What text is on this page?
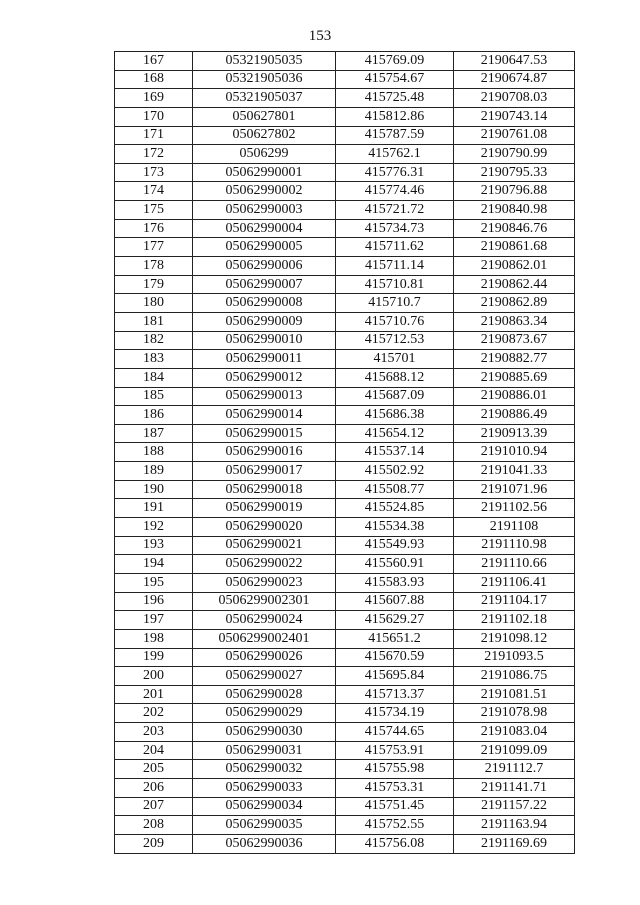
153
167	05321905035	415769.09	2190647.53
168	05321905036	415754.67	2190674.87
169	05321905037	415725.48	2190708.03
170	050627801	415812.86	2190743.14
171	050627802	415787.59	2190761.08
172	0506299	415762.1	2190790.99
173	05062990001	415776.31	2190795.33
174	05062990002	415774.46	2190796.88
175	05062990003	415721.72	2190840.98
176	05062990004	415734.73	2190846.76
177	05062990005	415711.62	2190861.68
178	05062990006	415711.14	2190862.01
179	05062990007	415710.81	2190862.44
180	05062990008	415710.7	2190862.89
181	05062990009	415710.76	2190863.34
182	05062990010	415712.53	2190873.67
183	05062990011	415701	2190882.77
184	05062990012	415688.12	2190885.69
185	05062990013	415687.09	2190886.01
186	05062990014	415686.38	2190886.49
187	05062990015	415654.12	2190913.39
188	05062990016	415537.14	2191010.94
189	05062990017	415502.92	2191041.33
190	05062990018	415508.77	2191071.96
191	05062990019	415524.85	2191102.56
192	05062990020	415534.38	2191108
193	05062990021	415549.93	2191110.98
194	05062990022	415560.91	2191110.66
195	05062990023	415583.93	2191106.41
196	0506299002301	415607.88	2191104.17
197	05062990024	415629.27	2191102.18
198	0506299002401	415651.2	2191098.12
199	05062990026	415670.59	2191093.5
200	05062990027	415695.84	2191086.75
201	05062990028	415713.37	2191081.51
202	05062990029	415734.19	2191078.98
203	05062990030	415744.65	2191083.04
204	05062990031	415753.91	2191099.09
205	05062990032	415755.98	2191112.7
206	05062990033	415753.31	2191141.71
207	05062990034	415751.45	2191157.22
208	05062990035	415752.55	2191163.94
209	05062990036	415756.08	2191169.69
